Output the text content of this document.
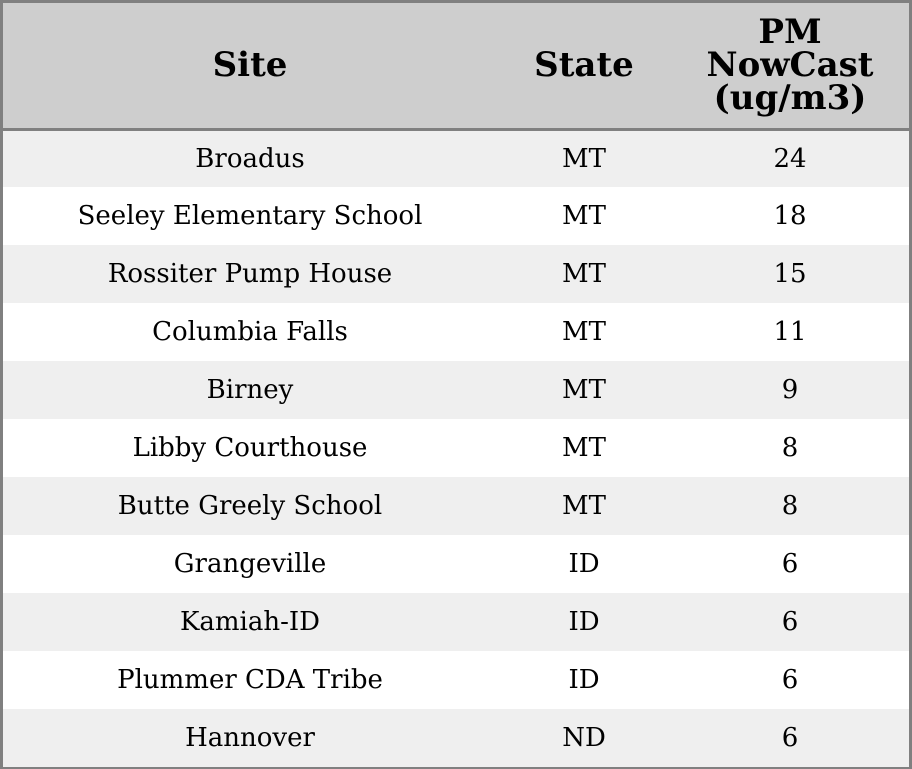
Site	State	PM
NowCast
(ug/m3)
Broadus	MT	24
Seeley Elementary School	MT	18
Rossiter Pump House	MT	15
Columbia Falls	MT	11
Birney	MT	9
Libby Courthouse	MT	8
Butte Greely School	MT	8
Grangeville	ID	6
Kamiah-ID	ID	6
Plummer CDA Tribe	ID	6
Hannover	ND	6
